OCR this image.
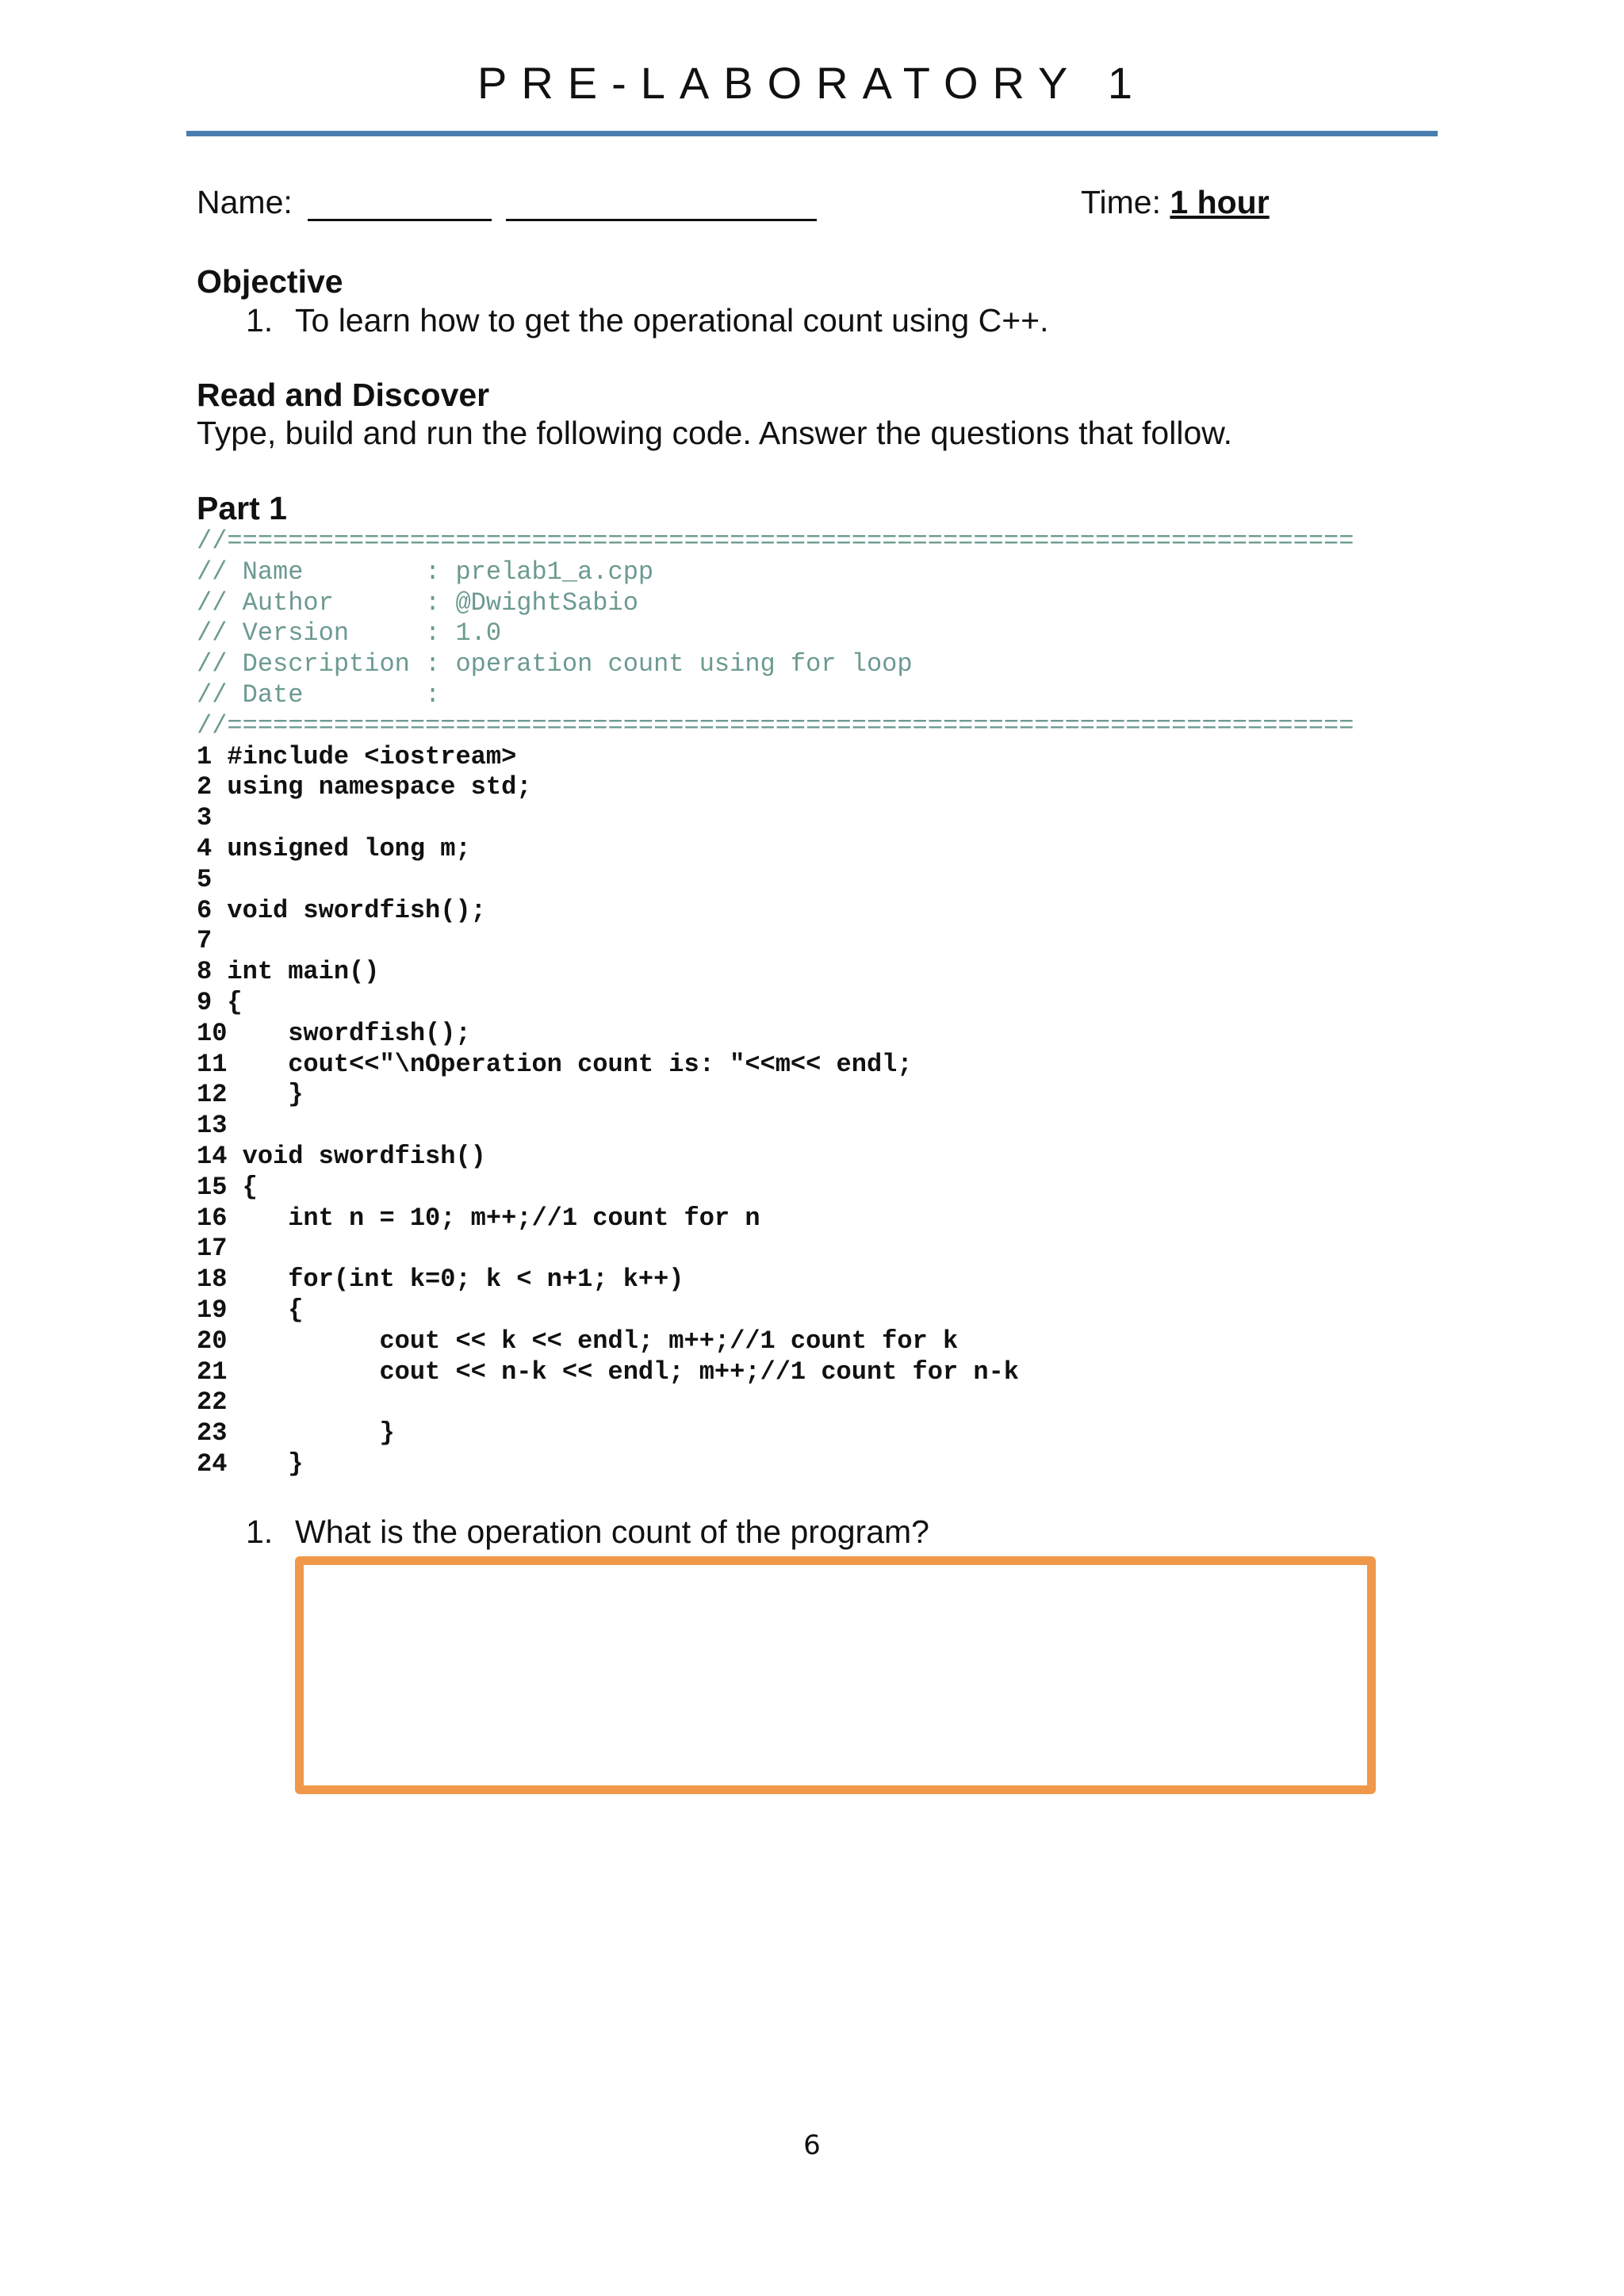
PRE-LABORATORY 1
Name:	Time: 1 hour
Objective
1. To learn how to get the operational count using C++.
Read and Discover
Type, build and run the following code. Answer the questions that follow.
Part 1
//==========================================================================
// Name        : prelab1_a.cpp
// Author      : @DwightSabio
// Version     : 1.0
// Description : operation count using for loop
// Date        :
//==========================================================================
1 #include <iostream>
2 using namespace std;
3
4 unsigned long m;
5
6 void swordfish();
7
8 int main()
9 {
10    swordfish();
11    cout<<"\nOperation count is: "<<m<< endl;
12    }
13
14 void swordfish()
15 {
16    int n = 10; m++;//1 count for n
17
18    for(int k=0; k < n+1; k++)
19    {
20          cout << k << endl; m++;//1 count for k
21          cout << n-k << endl; m++;//1 count for n-k
22
23          }
24    }
1. What is the operation count of the program?
6
